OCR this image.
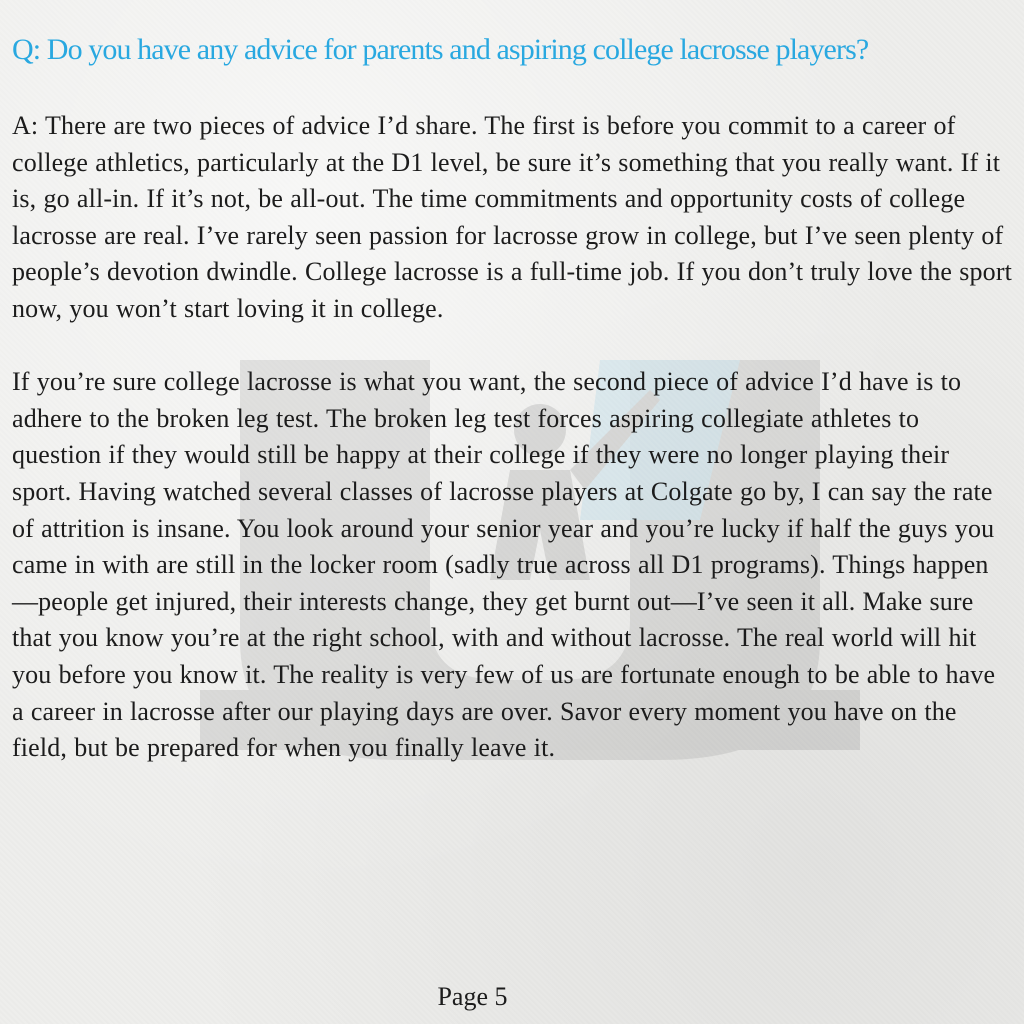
Q: Do you have any advice for parents and aspiring college lacrosse players?

A: There are two pieces of advice I’d share. The first is before you commit to a career of college athletics, particularly at the D1 level, be sure it’s something that you really want. If it is, go all-in. If it’s not, be all-out. The time commitments and opportunity costs of college lacrosse are real. I’ve rarely seen passion for lacrosse grow in college, but I’ve seen plenty of people’s devotion dwindle. College lacrosse is a full-time job. If you don’t truly love the sport now, you won’t start loving it in college.

If you’re sure college lacrosse is what you want, the second piece of advice I’d have is to adhere to the broken leg test. The broken leg test forces aspiring collegiate athletes to question if they would still be happy at their college if they were no longer playing their sport. Having watched several classes of lacrosse players at Colgate go by, I can say the rate of attrition is insane. You look around your senior year and you’re lucky if half the guys you came in with are still in the locker room (sadly true across all D1 programs). Things happen—people get injured, their interests change, they get burnt out—I’ve seen it all. Make sure that you know you’re at the right school, with and without lacrosse. The real world will hit you before you know it. The reality is very few of us are fortunate enough to be able to have a career in lacrosse after our playing days are over. Savor every moment you have on the field, but be prepared for when you finally leave it.

Page 5
